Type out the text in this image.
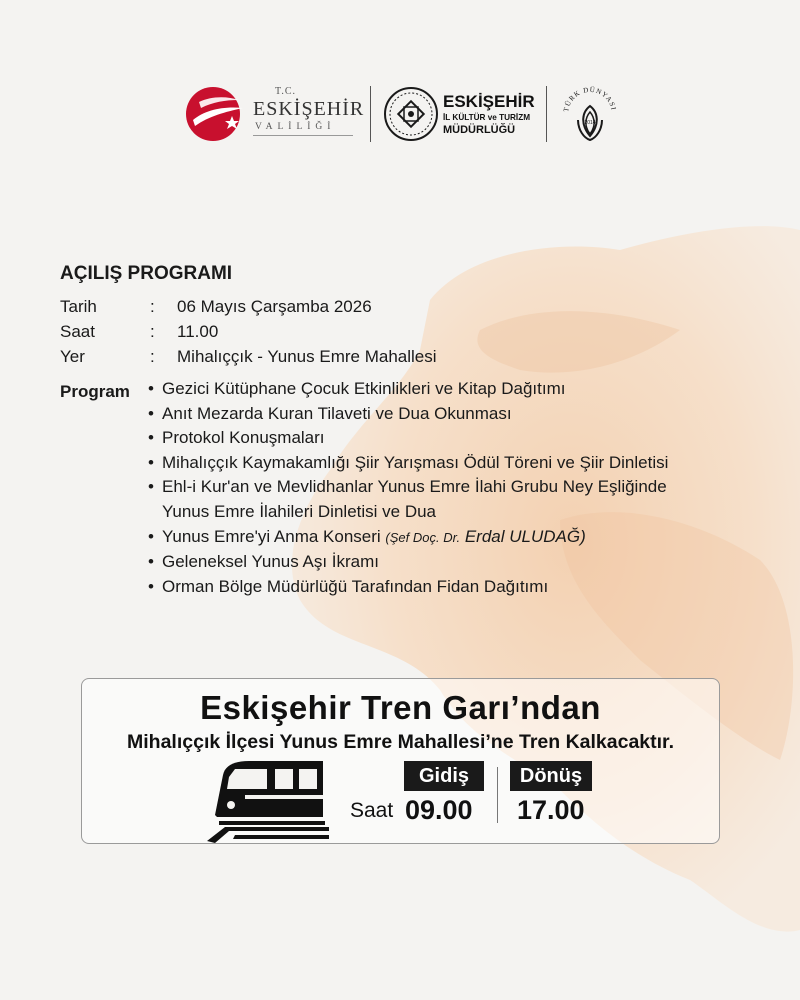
T.C.
ESKİŞEHİR
VALİLİĞİ
ESKİŞEHİR
İL KÜLTÜR ve TURİZM
MÜDÜRLÜĞÜ
TÜRK DÜNYASI
2014
AÇILIŞ PROGRAMI
Tarih	: 06 Mayıs Çarşamba 2026
Saat	: 11.00
Yer	: Mihalıççık - Yunus Emre Mahallesi
Program • Gezici Kütüphane Çocuk Etkinlikleri ve Kitap Dağıtımı
• Anıt Mezarda Kuran Tilaveti ve Dua Okunması
• Protokol Konuşmaları
• Mihalıççık Kaymakamlığı Şiir Yarışması Ödül Töreni ve Şiir Dinletisi
• Ehl-i Kur'an ve Mevlidhanlar Yunus Emre İlahi Grubu Ney Eşliğinde
Yunus Emre İlahileri Dinletisi ve Dua
• Yunus Emre'yi Anma Konseri (Şef Doç. Dr. Erdal ULUDAĞ)
• Geleneksel Yunus Aşı İkramı
• Orman Bölge Müdürlüğü Tarafından Fidan Dağıtımı
Eskişehir Tren Garı’ndan
Mihalıççık İlçesi Yunus Emre Mahallesi’ne Tren Kalkacaktır.
Gidiş	Dönüş
Saat 09.00 17.00
